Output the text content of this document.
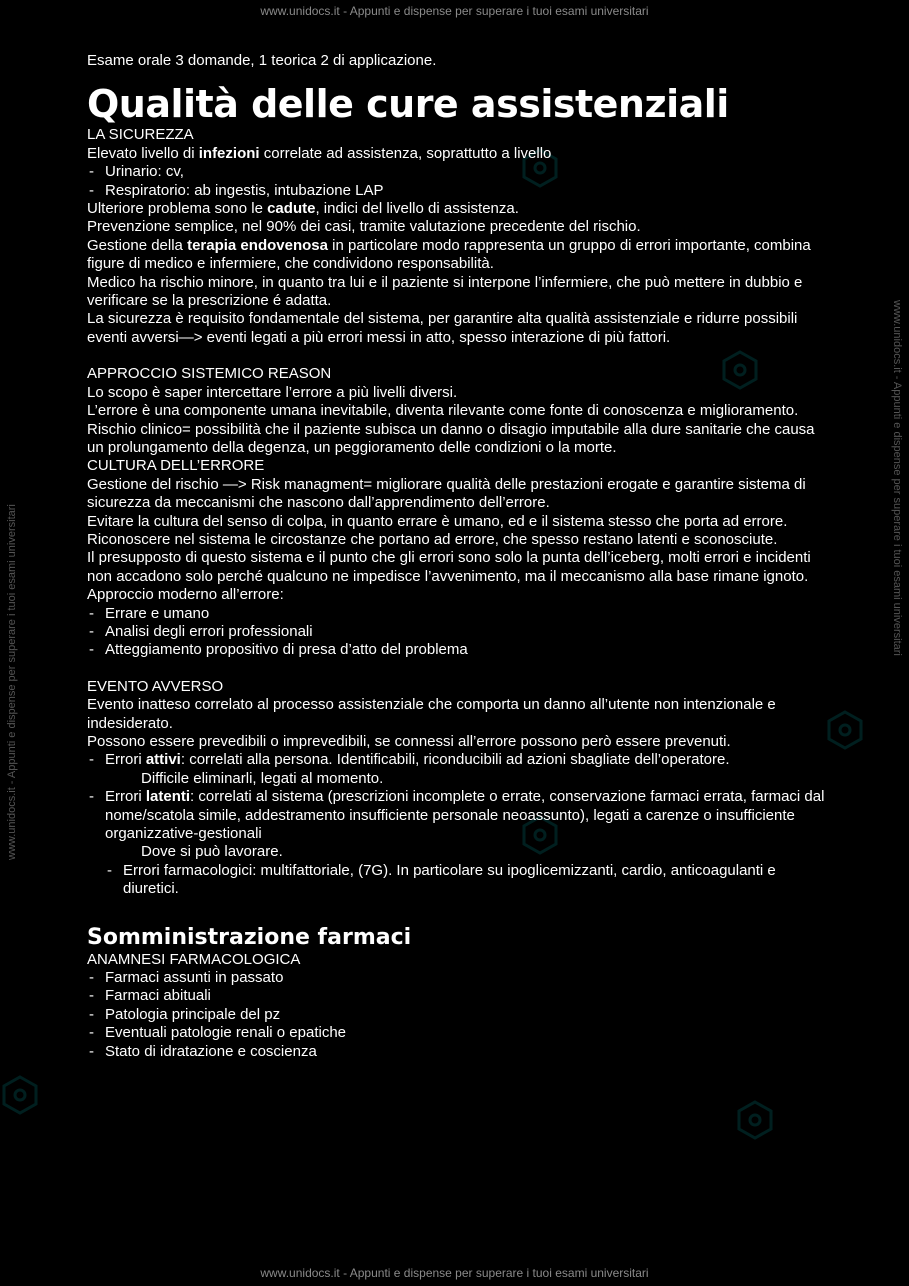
www.unidocs.it - Appunti e dispense per superare i tuoi esami universitari
www.unidocs.it - Appunti e dispense per superare i tuoi esami universitari
www.unidocs.it - Appunti e dispense per superare i tuoi esami universitari
www.unidocs.it - Appunti e dispense per superare i tuoi esami universitari

Esame orale 3 domande, 1 teorica 2 di applicazione.

Qualità delle cure assistenziali

LA SICUREZZA

Elevato livello di infezioni correlate ad assistenza, soprattutto a livello

- Urinario: cv,
- Respiratorio: ab ingestis, intubazione LAP

Ulteriore problema sono le cadute, indici del livello di assistenza.

Prevenzione semplice, nel 90% dei casi, tramite valutazione precedente del rischio.

Gestione della terapia endovenosa in particolare modo rappresenta un gruppo di errori importante, combina figure di medico e infermiere, che condividono responsabilità.

Medico ha rischio minore, in quanto tra lui e il paziente si interpone l’infermiere, che può mettere in dubbio e verificare se la prescrizione é adatta.

La sicurezza è requisito fondamentale del sistema, per garantire alta qualità assistenziale e ridurre possibili eventi avversi—> eventi legati a più errori messi in atto, spesso interazione di più fattori.

APPROCCIO SISTEMICO REASON

Lo scopo è saper intercettare l’errore a più livelli diversi.

L’errore è una componente umana inevitabile, diventa rilevante come fonte di conoscenza e miglioramento.

Rischio clinico= possibilità che il paziente subisca un danno o disagio imputabile alla dure sanitarie che causa un prolungamento della degenza, un peggioramento delle condizioni o la morte.

CULTURA DELL’ERRORE

Gestione del rischio —> Risk managment= migliorare qualità delle prestazioni erogate e garantire sistema di sicurezza da meccanismi che nascono dall’apprendimento dell’errore.

Evitare la cultura del senso di colpa, in quanto errare è umano, ed e il sistema stesso che porta ad errore.

Riconoscere nel sistema le circostanze che portano ad errore, che spesso restano latenti e sconosciute.

Il presupposto di questo sistema e il punto che gli errori sono solo la punta dell’iceberg, molti errori e incidenti non accadono solo perché qualcuno ne impedisce l’avvenimento, ma il meccanismo alla base rimane ignoto.

Approccio moderno all’errore:

- Errare e umano
- Analisi degli errori professionali
- Atteggiamento propositivo di presa d’atto del problema

EVENTO AVVERSO

Evento inatteso correlato al processo assistenziale che comporta un danno all’utente non intenzionale e indesiderato.

Possono essere prevedibili o imprevedibili, se connessi all’errore possono però essere prevenuti.

- Errori attivi: correlati alla persona. Identificabili, riconducibili ad azioni sbagliate dell’operatore.
Difficile eliminarli, legati al momento.
- Errori latenti: correlati al sistema (prescrizioni incomplete o errate, conservazione farmaci errata, farmaci dal nome/scatola simile, addestramento insufficiente personale neoassunto), legati a carenze o insufficiente organizzative-gestionali
Dove si può lavorare.
- Errori farmacologici: multifattoriale, (7G). In particolare su ipoglicemizzanti, cardio, anticoagulanti e diuretici.
Somministrazione farmaci

ANAMNESI FARMACOLOGICA

- Farmaci assunti in passato
- Farmaci abituali
- Patologia principale del pz
- Eventuali patologie renali o epatiche
- Stato di idratazione e coscienza
